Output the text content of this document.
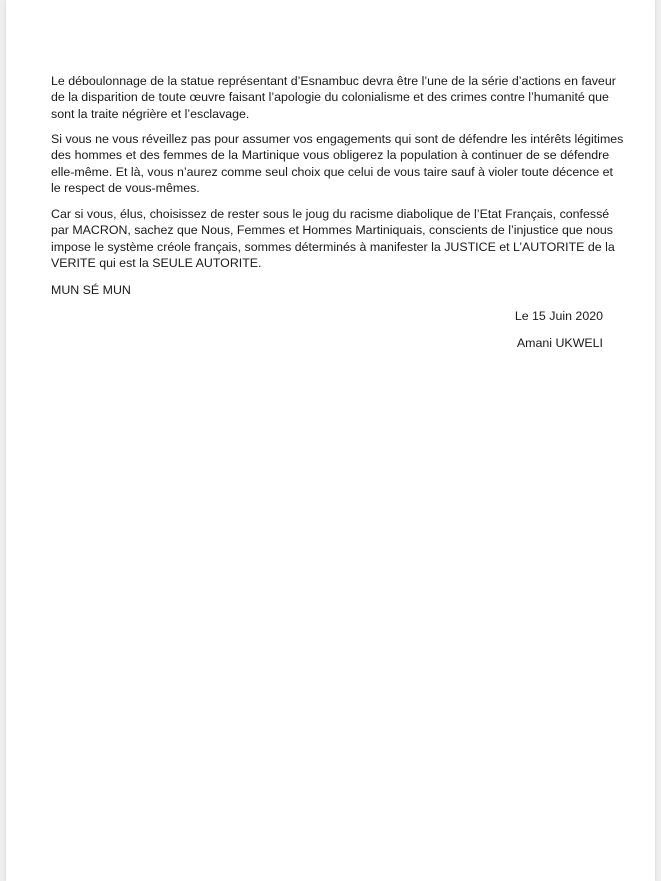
Le déboulonnage de la statue représentant d’Esnambuc devra être l’une de la série d’actions en faveur
de la disparition de toute œuvre faisant l’apologie du colonialisme et des crimes contre l’humanité que
sont la traite négrière et l’esclavage.
Si vous ne vous réveillez pas pour assumer vos engagements qui sont de défendre les intérêts légitimes
des hommes et des femmes de la Martinique vous obligerez la population à continuer de se défendre
elle-même. Et là, vous n’aurez comme seul choix que celui de vous taire sauf à violer toute décence et
le respect de vous-mêmes.
Car si vous, élus, choisissez de rester sous le joug du racisme diabolique de l’Etat Français, confessé
par MACRON, sachez que Nous, Femmes et Hommes Martiniquais, conscients de l’injustice que nous
impose le système créole français, sommes déterminés à manifester la JUSTICE et L’AUTORITE de la
VERITE qui est la SEULE AUTORITE.
MUN SÉ MUN
Le 15 Juin 2020
Amani UKWELI
